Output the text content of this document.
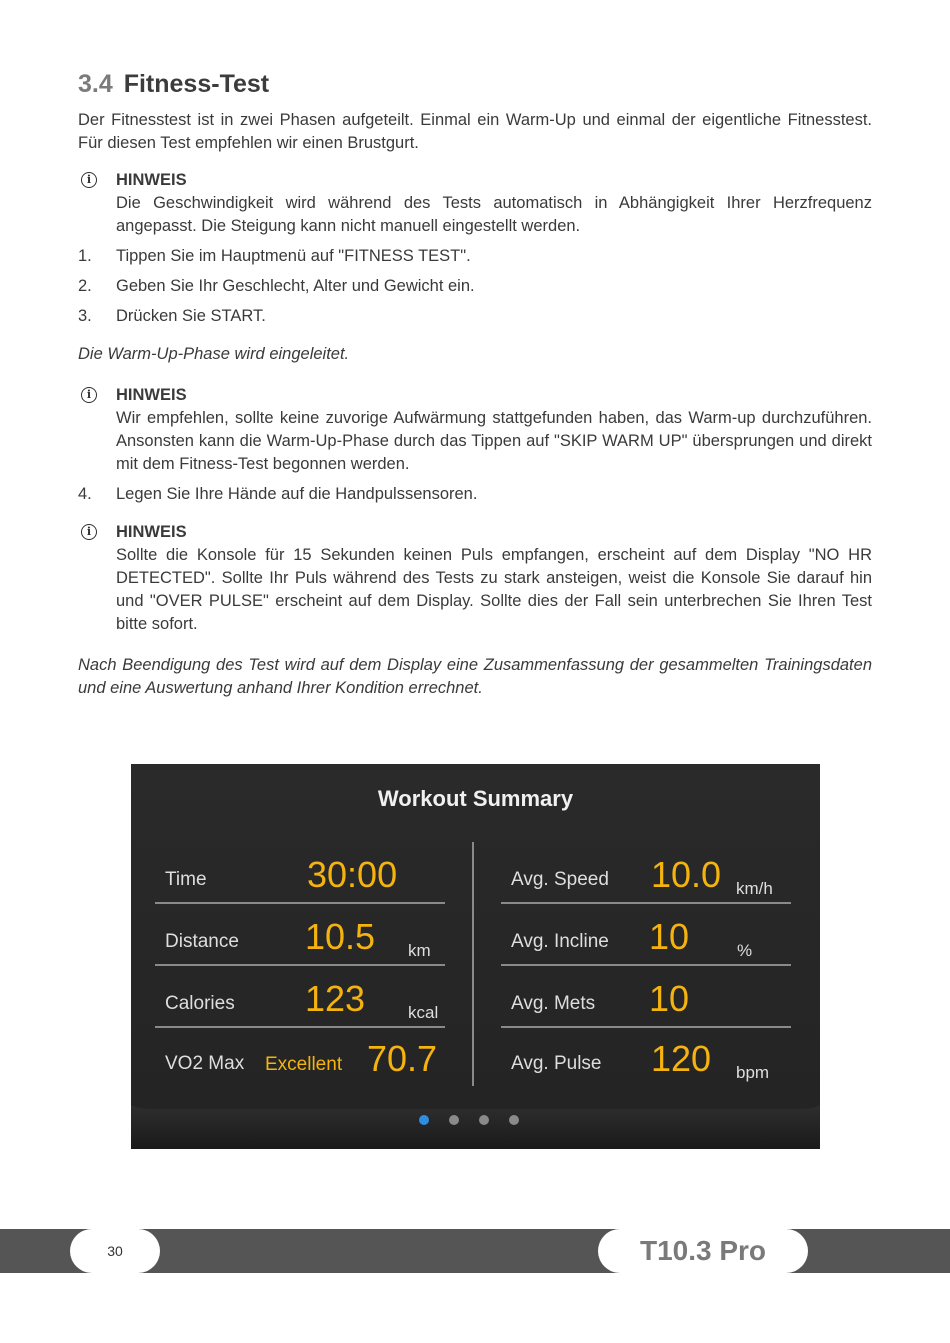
3.4 Fitness-Test

Der Fitnesstest ist in zwei Phasen aufgeteilt. Einmal ein Warm-Up und einmal der eigentliche Fitnesstest. Für diesen Test empfehlen wir einen Brustgurt.

i	HINWEIS

Die Geschwindigkeit wird während des Tests automatisch in Abhängigkeit Ihrer Herzfrequenz angepasst. Die Steigung kann nicht manuell eingestellt werden.

1. Tippen Sie im Hauptmenü auf "FITNESS TEST".
2. Geben Sie Ihr Geschlecht, Alter und Gewicht ein.
3. Drücken Sie START.

Die Warm-Up-Phase wird eingeleitet.

i	HINWEIS

Wir empfehlen, sollte keine zuvorige Aufwärmung stattgefunden haben, das Warm-up durchzuführen. Ansonsten kann die Warm-Up-Phase durch das Tippen auf "SKIP WARM UP" übersprungen und direkt mit dem Fitness-Test begonnen werden.

4. Legen Sie Ihre Hände auf die Handpulssensoren.
i	HINWEIS

Sollte die Konsole für 15 Sekunden keinen Puls empfangen, erscheint auf dem Display "NO HR DETECTED". Sollte Ihr Puls während des Tests zu stark ansteigen, weist die Konsole Sie darauf hin und "OVER PULSE" erscheint auf dem Display. Sollte dies der Fall sein unterbrechen Sie Ihren Test bitte sofort.

Nach Beendigung des Test wird auf dem Display eine Zusammenfassung der gesammelten Trainingsdaten und eine Auswertung anhand Ihrer Kondition errechnet.

Workout Summary
Time	30:00
Distance 10.5 km
Calories 123	kcal
VO2 Max Excellent 70.7
Avg. Speed 10.0 km/h
Avg. Incline 10	%
Avg. Mets 10
Avg. Pulse 120 bpm
30	T10.3 Pro
